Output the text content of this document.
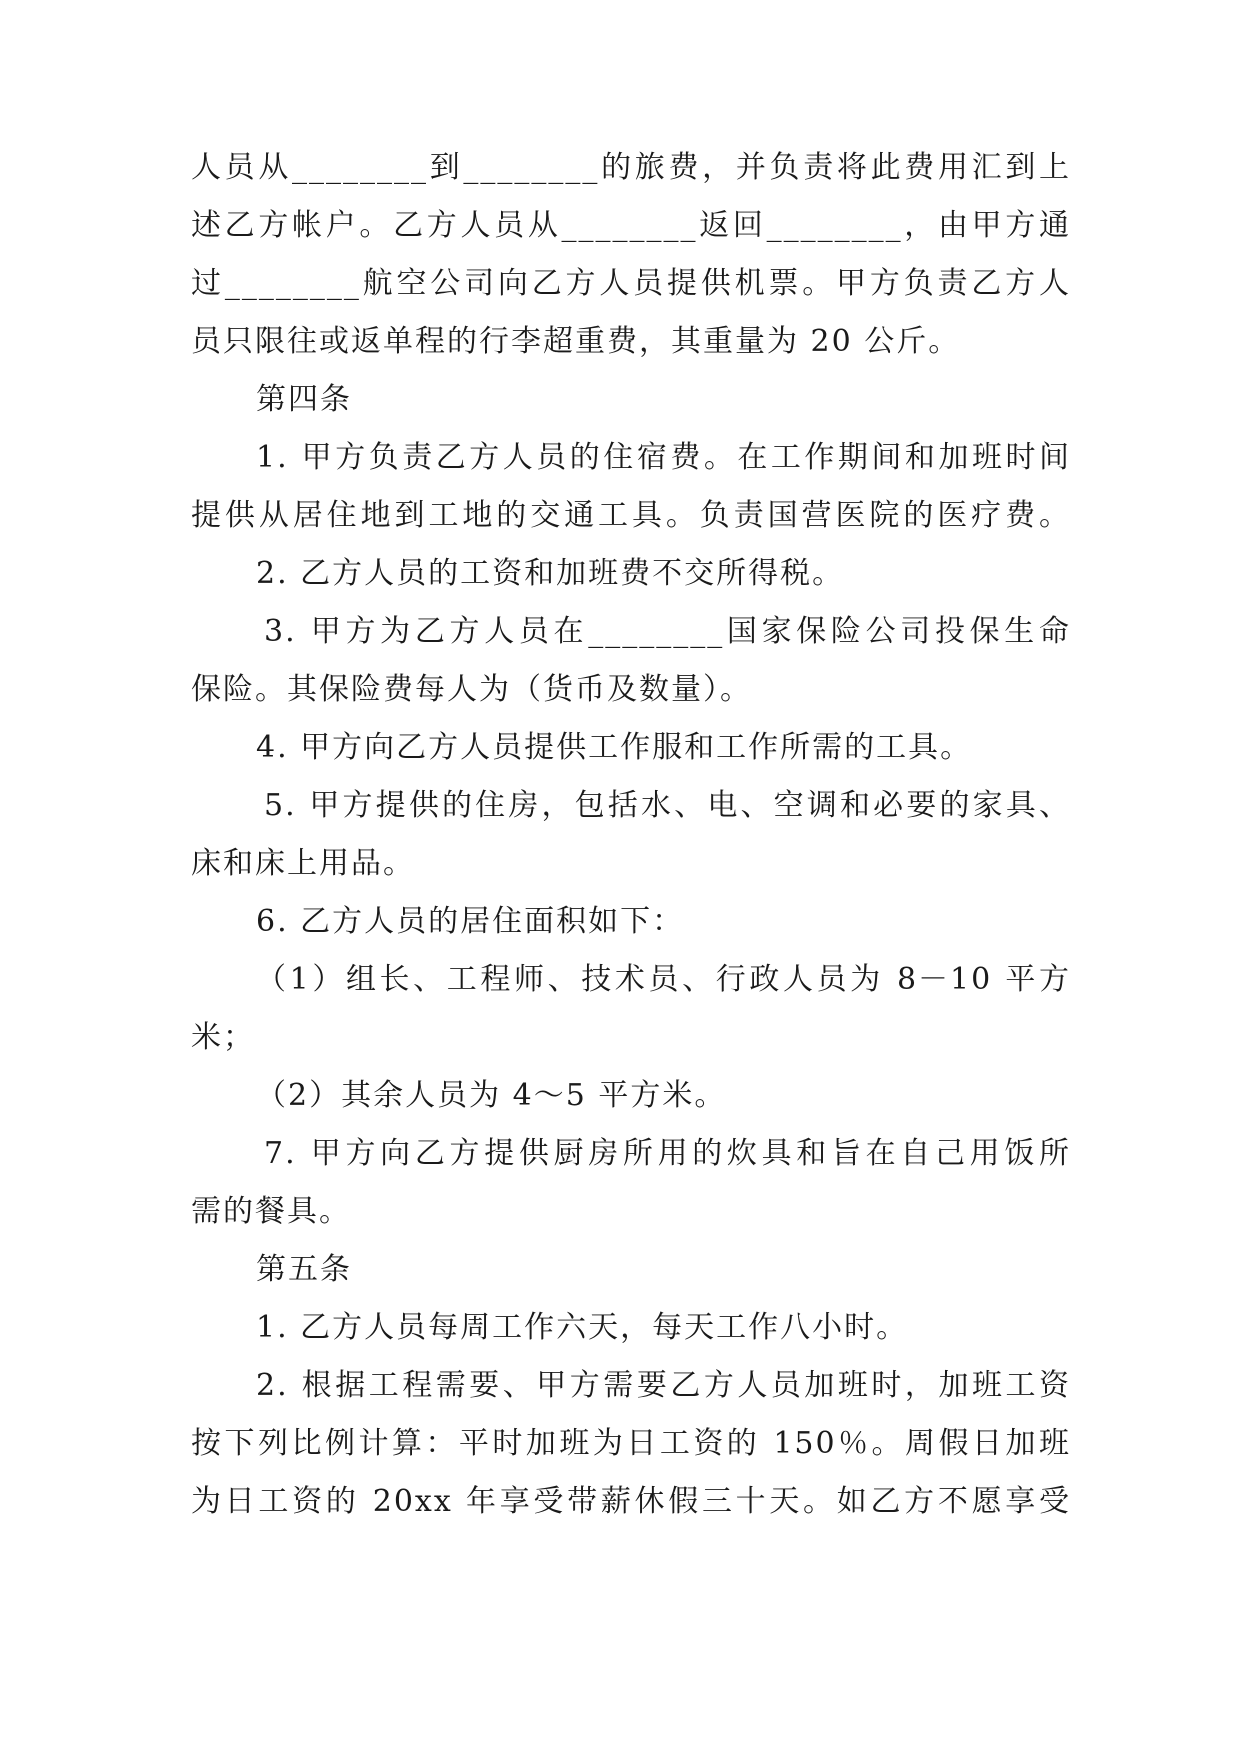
人员从________到________的旅费，并负责将此费用汇到上
述乙方帐户。乙方人员从________返回________，由甲方通
过________航空公司向乙方人员提供机票。甲方负责乙方人
员只限往或返单程的行李超重费，其重量为 20 公斤。
第四条
1. 甲方负责乙方人员的住宿费。在工作期间和加班时间
提供从居住地到工地的交通工具。负责国营医院的医疗费。
2. 乙方人员的工资和加班费不交所得税。
3. 甲方为乙方人员在________国家保险公司投保生命
保险。其保险费每人为（货币及数量）。
4. 甲方向乙方人员提供工作服和工作所需的工具。
5. 甲方提供的住房，包括水、电、空调和必要的家具、
床和床上用品。
6. 乙方人员的居住面积如下：
（1）组长、工程师、技术员、行政人员为 8－10 平方
米；
（2）其余人员为 4～5 平方米。
7. 甲方向乙方提供厨房所用的炊具和旨在自己用饭所
需的餐具。
第五条
1. 乙方人员每周工作六天，每天工作八小时。
2. 根据工程需要、甲方需要乙方人员加班时，加班工资
按下列比例计算：平时加班为日工资的 150％。周假日加班
为日工资的 20xx 年享受带薪休假三十天。如乙方不愿享受
